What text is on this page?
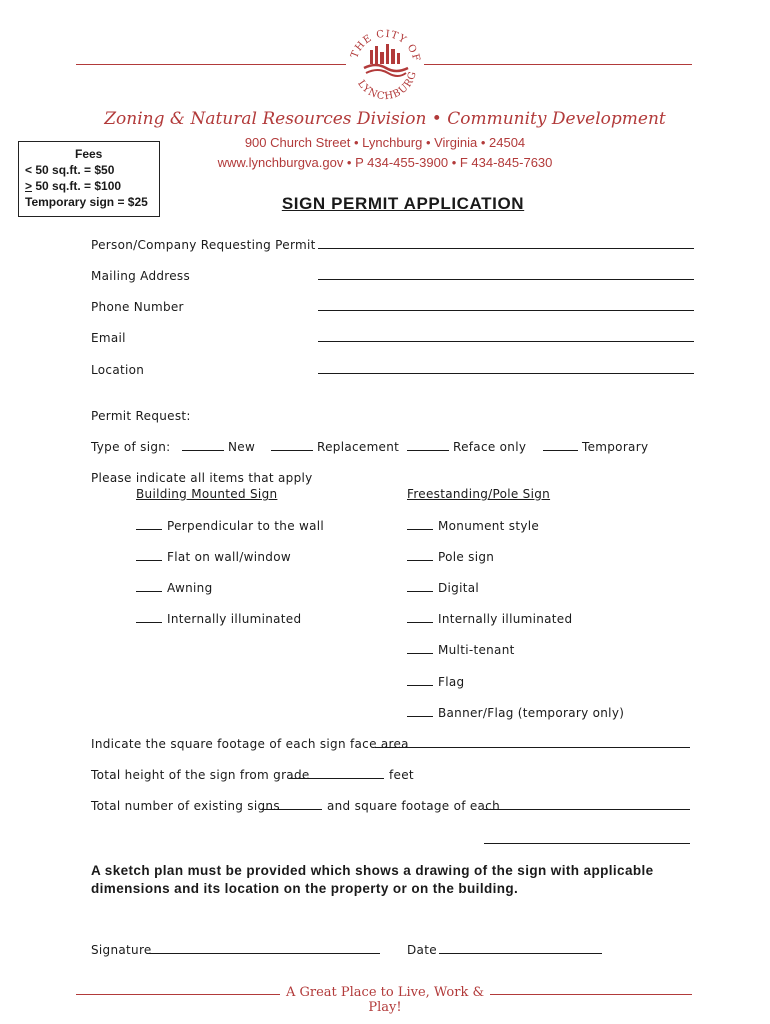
THE CITY OF
LYNCHBURG
Zoning & Natural Resources Division • Community Development
900 Church Street • Lynchburg • Virginia • 24504
www.lynchburgva.gov • P 434-455-3900 • F 434-845-7630
Fees
< 50 sq.ft. = $50
> 50 sq.ft. = $100
Temporary sign = $25	SIGN PERMIT APPLICATION
Person/Company Requesting Permit
Mailing Address
Phone Number
Email
Location
Permit Request:
Type of sign:	New	Replacement	Reface only	Temporary
Please indicate all items that apply
Building Mounted Sign	Freestanding/Pole Sign
Perpendicular to the wall
Flat on wall/window
Awning
Internally illuminated
Monument style
Pole sign
Digital
Internally illuminated
Multi-tenant
Flag
Banner/Flag (temporary only)
Indicate the square footage of each sign face area
Total height of the sign from grade	feet
Total number of existing signs	and square footage of each
A sketch plan must be provided which shows a drawing of the sign with applicable dimensions and its location on the property or on the building.
Signature	Date
A Great Place to Live, Work & Play!
